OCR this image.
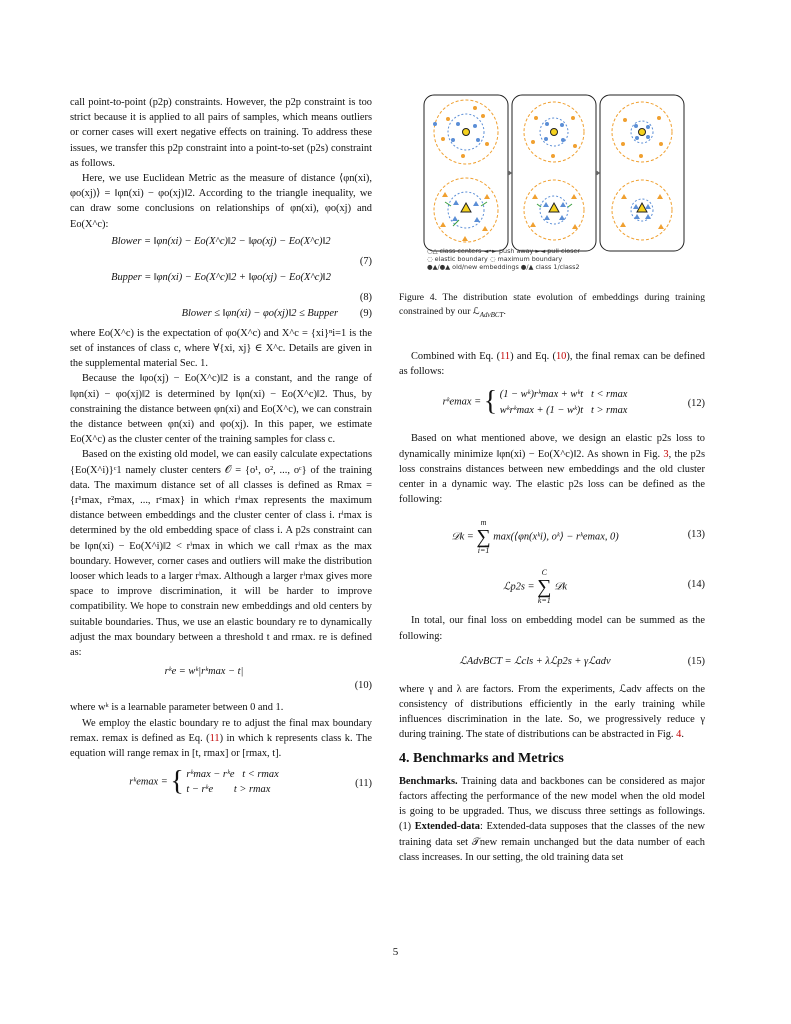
call point-to-point (p2p) constraints. However, the p2p constraint is too strict because it is applied to all pairs of samples, which means outliers or corner cases will exert negative effects on training. To address these issues, we transfer this p2p constraint into a point-to-set (p2s) constraint as follows.

Here, we use Euclidean Metric as the measure of distance ⟨φn(xi), φo(xj)⟩ = ‖φn(xi) − φo(xj)‖2. According to the triangle inequality, we can draw some conclusions on relationships of φn(xi), φo(xj) and Eo(X^c):

Blower = ‖φn(xi) − Eo(X^c)‖2 − ‖φo(xj) − Eo(X^c)‖2
(7)
Bupper = ‖φn(xi) − Eo(X^c)‖2 + ‖φo(xj) − Eo(X^c)‖2
(8)
Blower ≤ ‖φn(xi) − φo(xj)‖2 ≤ Bupper (9)

where Eo(X^c) is the expectation of φo(X^c) and X^c = {xi}ⁿi=1 is the set of instances of class c, where ∀{xi, xj} ∈ X^c. Details are given in the supplemental material Sec. 1.

Because the ‖φo(xj) − Eo(X^c)‖2 is a constant, and the range of ‖φn(xi) − φo(xj)‖2 is determined by ‖φn(xi) − Eo(X^c)‖2. Thus, by constraining the distance between φn(xi) and Eo(X^c), we can constrain the distance between φn(xi) and φo(xj). In this paper, we estimate Eo(X^c) as the cluster center of the training samples for class c.

Based on the existing old model, we can easily calculate expectations {Eo(X^i)}ᶜ1 namely cluster centers 𝒪 = {o¹, o², ..., oᶜ} of the training data. The maximum distance set of all classes is defined as Rmax = {r¹max, r²max, ..., rᶜmax} in which rⁱmax represents the maximum distance between embeddings and the cluster center of class i. rⁱmax is determined by the old embedding space of class i. A p2s constraint can be ‖φn(xi) − Eo(X^i)‖2 < rⁱmax in which we call rⁱmax as the max boundary. However, corner cases and outliers will make the distribution looser which leads to a larger rⁱmax. Although a larger rⁱmax gives more space to improve discrimination, it will be harder to improve compatibility. We hope to constrain new embeddings and old centers by suitable boundaries. Thus, we use an elastic boundary re to dynamically adjust the max boundary between a threshold t and rmax. re is defined as:

rᵏe = wᵏ|rᵏmax − t|
(10)

where wᵏ is a learnable parameter between 0 and 1.

We employ the elastic boundary re to adjust the final max boundary remax. remax is defined as Eq. (11) in which k represents class k. The equation will range remax in [t, rmax] or [rmax, t].

rᵏemax = { rᵏmax − rᵏe t < rmax
t − rᵏe t > rmax
(11)
○△ class centers ◄•► push away ►◄ pull closer
◌ elastic boundary ◌ maximum boundary
●▲/●▲ old/new embeddings ●/▲ class 1/class2
Figure 4. The distribution state evolution of embeddings during training constrained by our ℒ$_{AdvBCT}$.

Combined with Eq. (11) and Eq. (10), the final remax can be defined as follows:

rᵏemax = { (1 − wᵏ)rᵏmax + wᵏt t < rmax
wᵏrᵏmax + (1 − wᵏ)t t > rmax
(12)

Based on what mentioned above, we design an elastic p2s loss to dynamically minimize ‖φn(xi) − Eo(X^c)‖2. As shown in Fig. 3, the p2s loss constrains distances between new embeddings and the old cluster center in a dynamic way. The elastic p2s loss can be defined as the following:

𝒟k = m
∑
i=1 max(⟨φn(xᵏi), oᵏ⟩ − rᵏemax, 0)	(13)
ℒp2s = C
∑
k=1 𝒟k	(14)

In total, our final loss on embedding model can be summed as the following:

ℒAdvBCT = ℒcls + λℒp2s + γℒadv	(15)

where γ and λ are factors. From the experiments, ℒadv affects on the consistency of distributions efficiently in the early training while influences discrimination in the late. So, we progressively reduce γ during training. The state of distributions can be abstracted in Fig. 4.

4. Benchmarks and Metrics

Benchmarks. Training data and backbones can be considered as major factors affecting the performance of the new model when the old model is going to be upgraded. Thus, we discuss three settings as followings. (1) Extended-data: Extended-data supposes that the classes of the new training data set 𝒯new remain unchanged but the data number of each class increases. In our setting, the old training data set

5
